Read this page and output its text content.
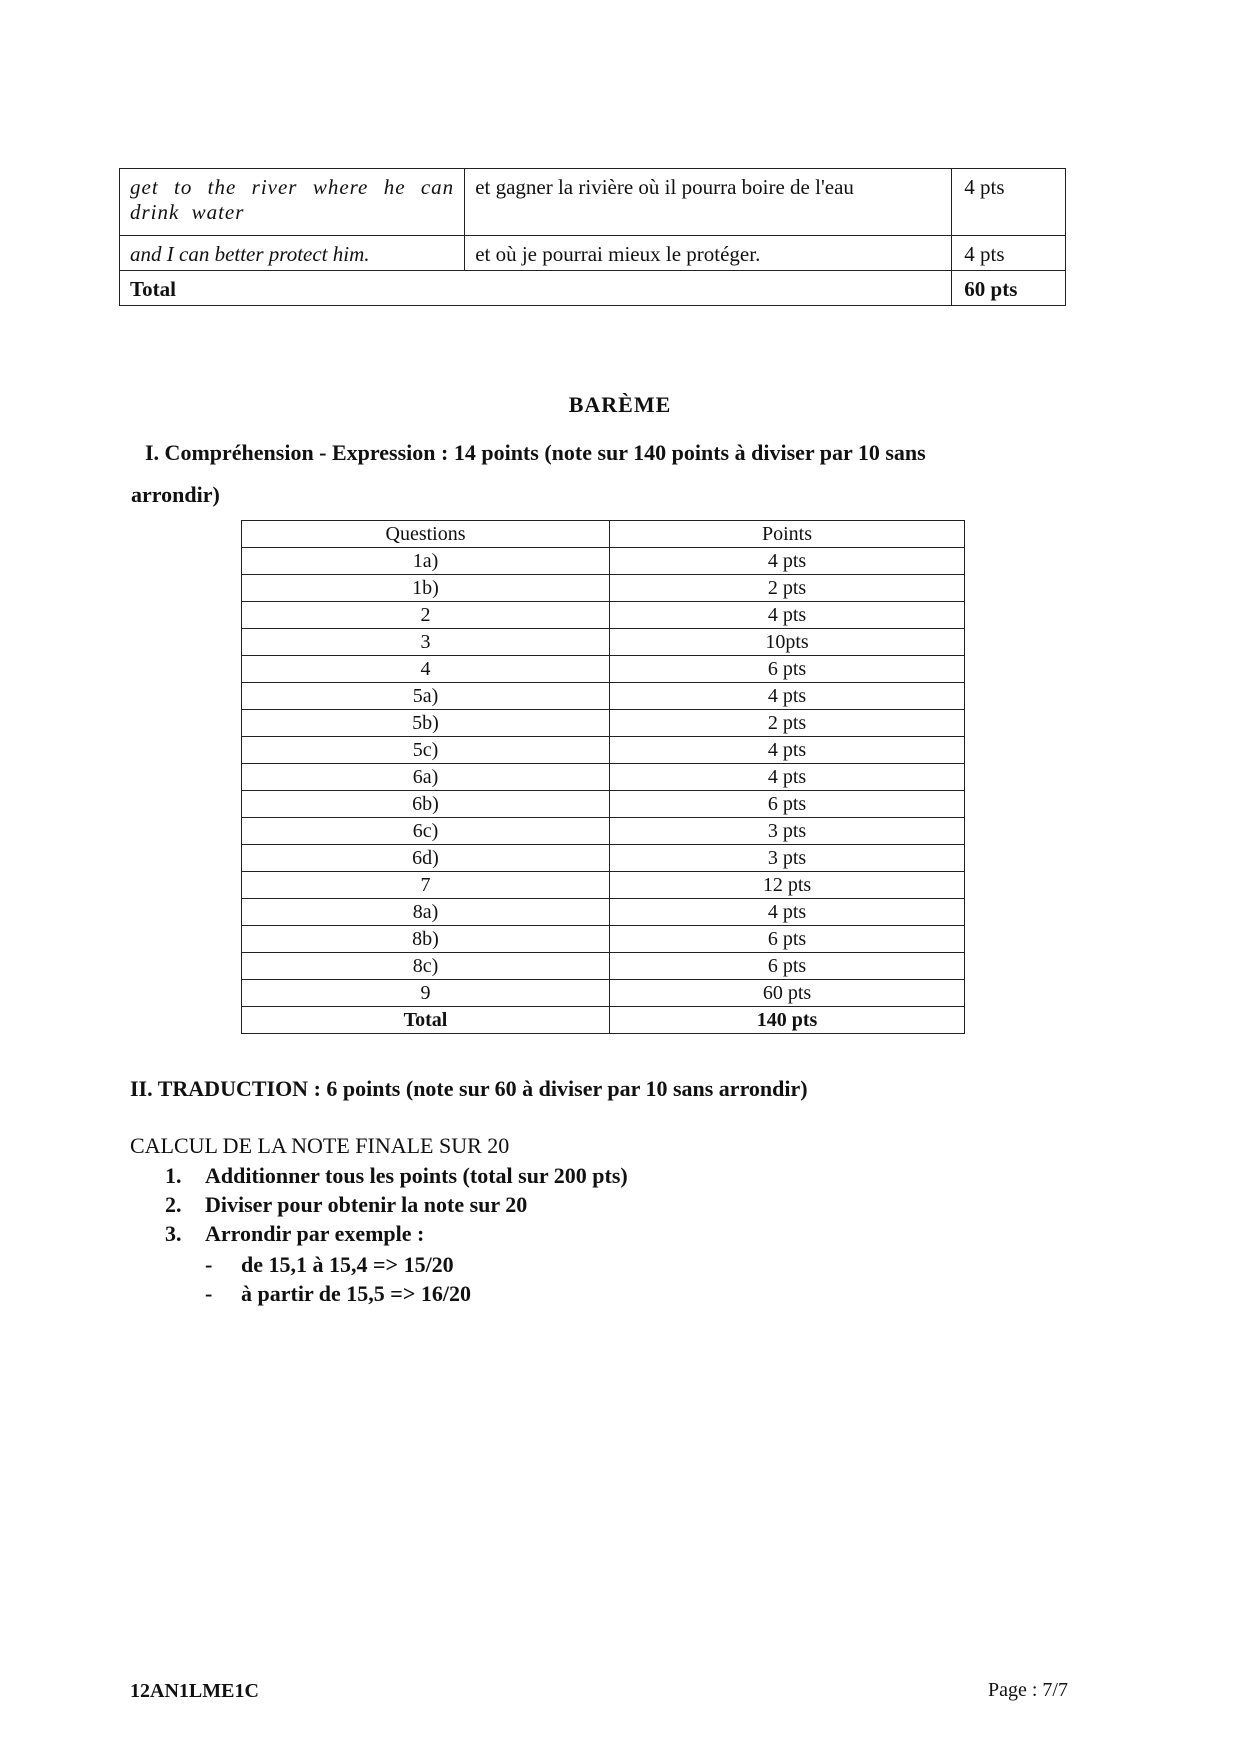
get to the river where he can drink water	et gagner la rivière où il pourra boire de l'eau	4 pts
and I can better protect him.	et où je pourrai mieux le protéger.	4 pts
Total		60 pts
BARÈME
I. Compréhension - Expression : 14 points (note sur 140 points à diviser par 10 sans
arrondir)
Questions	Points
1a)	4 pts
1b)	2 pts
2	4 pts
3	10pts
4	6 pts
5a)	4 pts
5b)	2 pts
5c)	4 pts
6a)	4 pts
6b)	6 pts
6c)	3 pts
6d)	3 pts
7	12 pts
8a)	4 pts
8b)	6 pts
8c)	6 pts
9	60 pts
Total	140 pts
II. TRADUCTION : 6 points (note sur 60 à diviser par 10 sans arrondir)
CALCUL DE LA NOTE FINALE SUR 20
1. Additionner tous les points (total sur 200 pts)
2. Diviser pour obtenir la note sur 20
3. Arrondir par exemple :
- de 15,1 à 15,4 => 15/20
- à partir de 15,5 => 16/20
12AN1LME1C	Page : 7/7
